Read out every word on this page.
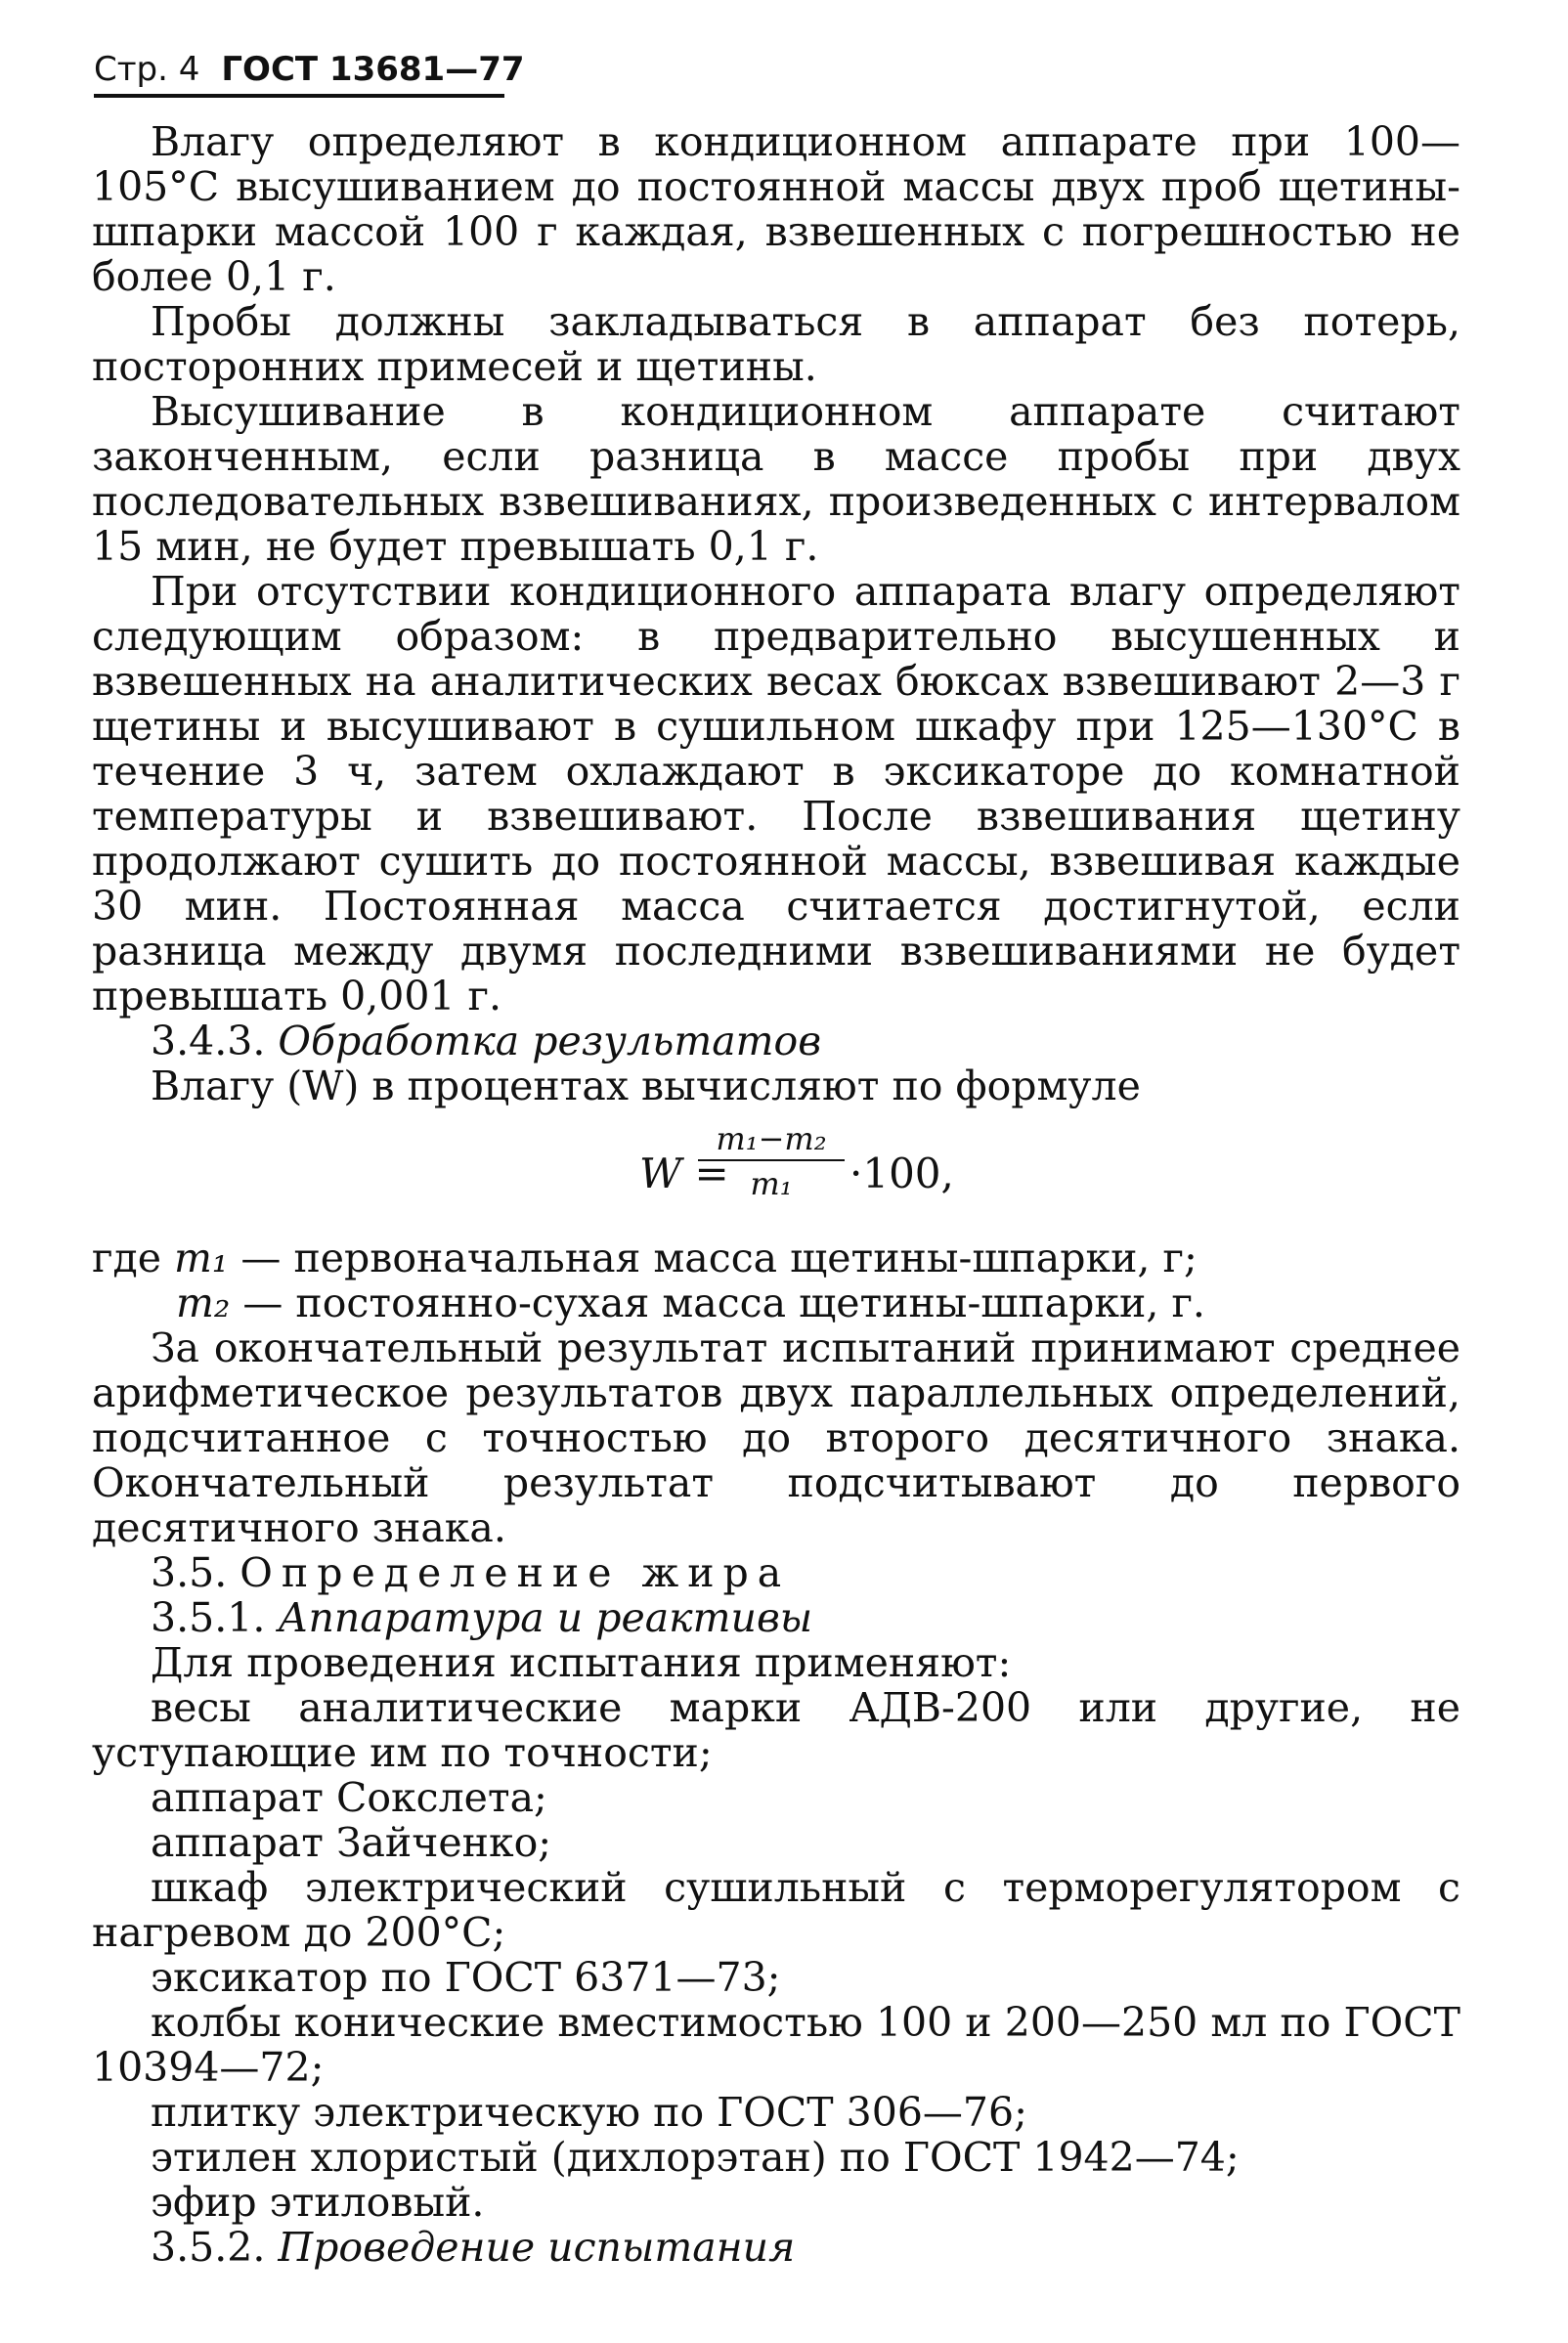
Стр. 4 ГОСТ 13681—77

Влагу определяют в кондиционном аппарате при 100—105°С высушиванием до постоянной массы двух проб щетины-шпарки массой 100 г каждая, взвешенных с погрешностью не более 0,1 г.

Пробы должны закладываться в аппарат без потерь, посторонних примесей и щетины.

Высушивание в кондиционном аппарате считают законченным, если разница в массе пробы при двух последовательных взвешиваниях, произведенных с интервалом 15 мин, не будет превышать 0,1 г.

При отсутствии кондиционного аппарата влагу определяют следующим образом: в предварительно высушенных и взвешенных на аналитических весах бюксах взвешивают 2—3 г щетины и высушивают в сушильном шкафу при 125—130°С в течение 3 ч, затем охлаждают в эксикаторе до комнатной температуры и взвешивают. После взвешивания щетину продолжают сушить до постоянной массы, взвешивая каждые 30 мин. Постоянная масса считается достигнутой, если разница между двумя последними взвешиваниями не будет превышать 0,001 г.

3.4.3. Обработка результатов

Влагу (W) в процентах вычисляют по формуле

W =
$\frac{\text{m₁−m₂}}{\text{m₁}} \cdot 100$,

где m₁ — первоначальная масса щетины-шпарки, г;

m₂ — постоянно-сухая масса щетины-шпарки, г.

За окончательный результат испытаний принимают среднее арифметическое результатов двух параллельных определений, подсчитанное с точностью до второго десятичного знака. Окончательный результат подсчитывают до первого десятичного знака.

3.5. Определение жира

3.5.1. Аппаратура и реактивы

Для проведения испытания применяют:

весы аналитические марки АДВ-200 или другие, не уступающие им по точности;

аппарат Сокслета;

аппарат Зайченко;

шкаф электрический сушильный с терморегулятором с нагревом до 200°С;

эксикатор по ГОСТ 6371—73;

колбы конические вместимостью 100 и 200—250 мл по ГОСТ 10394—72;

плитку электрическую по ГОСТ 306—76;

этилен хлористый (дихлорэтан) по ГОСТ 1942—74;

эфир этиловый.

3.5.2. Проведение испытания
